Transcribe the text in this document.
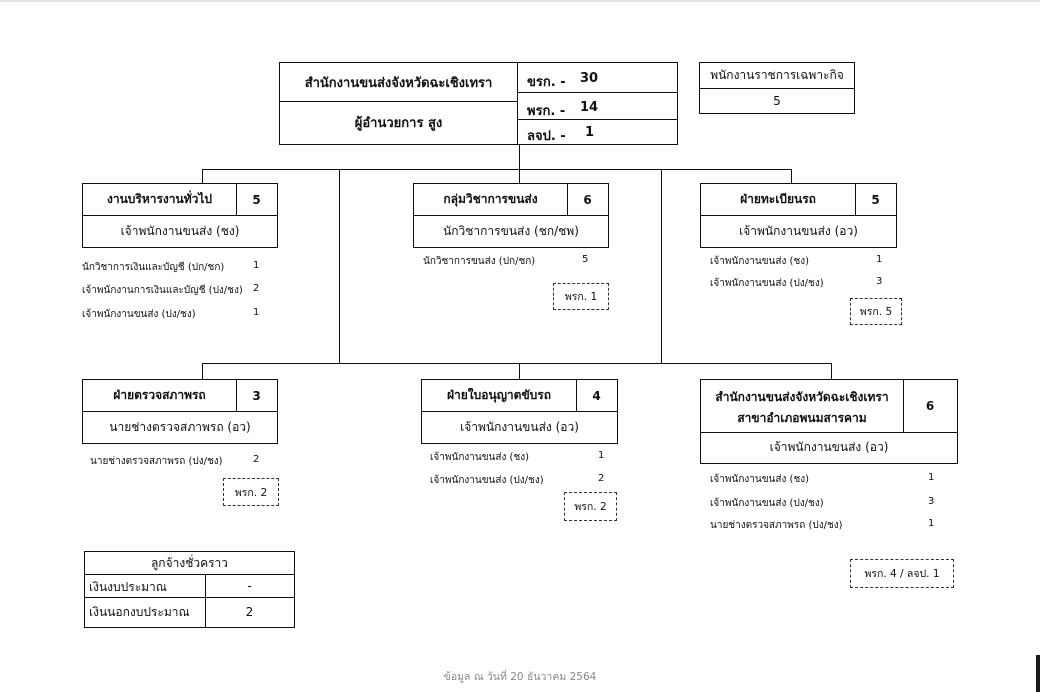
สำนักงานขนส่งจังหวัดฉะเชิงเทรา
ผู้อำนวยการ สูง
ขรก. - 30
พรก. - 14
ลจป. - 1
พนักงานราชการเฉพาะกิจ
5
งานบริหารงานทั่วไป	5
เจ้าพนักงานขนส่ง (ชง)
นักวิชาการเงินและบัญชี (ปก/ชก)	1
เจ้าพนักงานการเงินและบัญชี (ปง/ชง) 2
เจ้าพนักงานขนส่ง (ปง/ชง)	1
กลุ่มวิชาการขนส่ง	6
นักวิชาการขนส่ง (ชก/ชพ)
นักวิชาการขนส่ง (ปก/ชก)	5
พรก. 1
ฝ่ายทะเบียนรถ	5
เจ้าพนักงานขนส่ง (อว)
เจ้าพนักงานขนส่ง (ชง)	1
เจ้าพนักงานขนส่ง (ปง/ชง)	3
พรก. 5
ฝ่ายตรวจสภาพรถ	3
นายช่างตรวจสภาพรถ (อว)
นายช่างตรวจสภาพรถ (ปง/ชง)	2
พรก. 2
ฝ่ายใบอนุญาตขับรถ	4
เจ้าพนักงานขนส่ง (อว)
เจ้าพนักงานขนส่ง (ชง)	1
เจ้าพนักงานขนส่ง (ปง/ชง)	2
พรก. 2
สำนักงานขนส่งจังหวัดฉะเชิงเทรา
สาขาอำเภอพนมสารคาม
6
เจ้าพนักงานขนส่ง (อว)
เจ้าพนักงานขนส่ง (ชง)	1
เจ้าพนักงานขนส่ง (ปง/ชง)	3
นายช่างตรวจสภาพรถ (ปง/ชง)	1
พรก. 4 / ลจป. 1
ลูกจ้างชั่วคราว
เงินงบประมาณ	-
เงินนอกงบประมาณ	2
ข้อมูล ณ วันที่ 20 ธันวาคม 2564
